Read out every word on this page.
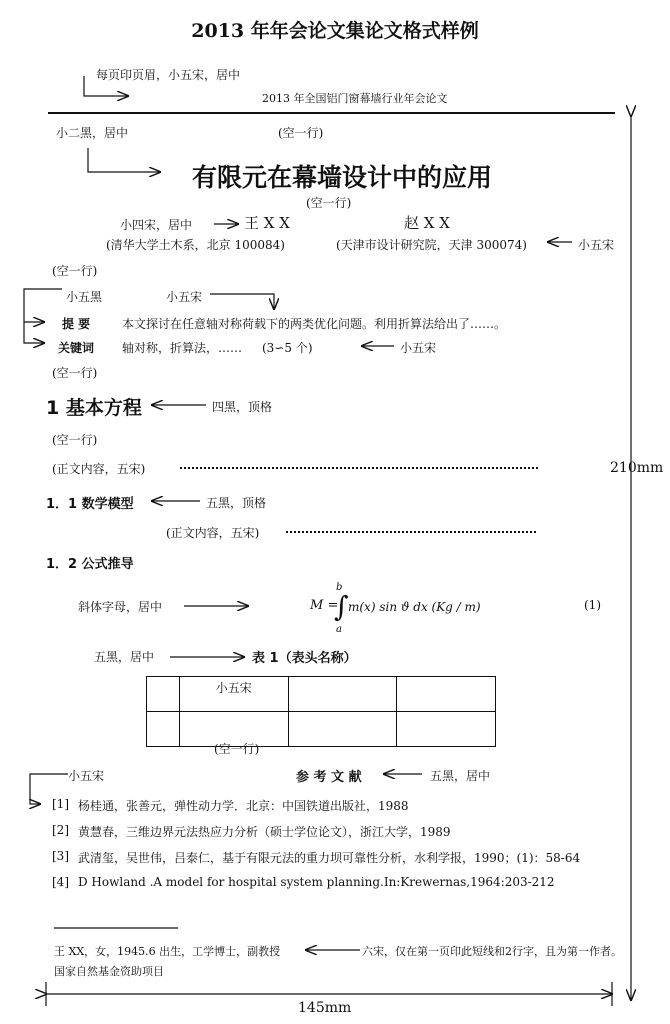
2013 年年会论文集论文格式样例
每页印页眉，小五宋，居中
2013 年全国铝门窗幕墙行业年会论文
小二黑，居中	(空一行)
有限元在幕墙设计中的应用
(空一行)
小四宋，居中	王 X X	赵 X X
(清华大学土木系，北京 100084)	(天津市设计研究院，天津 300074)	小五宋
(空一行)
小五黑	小五宋
提 要	本文探讨在任意轴对称荷载下的两类优化问题。利用折算法给出了……。
关键词 轴对称，折算法，…… (3∽5 个)	小五宋
(空一行)
1 基本方程	四黑，顶格
(空一行)
(正文内容，五宋)	210mm
1．1 数学模型	五黑，顶格
(正文内容，五宋)
1．2 公式推导
斜体字母，居中	M =
b
∫
a
m(x) sin ϑ dx (Kg / m)	(1)
五黑，居中	表 1（表头名称）
	小五宋		

(空一行)
小五宋	参 考 文 献	五黑，居中
[1] 杨桂通，张善元，弹性动力学．北京：中国铁道出版社，1988
[2] 黄慧春，三维边界元法热应力分析（硕士学位论文），浙江大学，1989
[3] 武清玺，吴世伟，吕泰仁，基于有限元法的重力坝可靠性分析，水利学报，1990；(1)：58-64
[4] D Howland .A model for hospital system planning.In:Krewernas,1964:203-212
王 XX，女，1945.6 出生，工学博士，副教授	六宋，仅在第一页印此短线和2行字，且为第一作者。
国家自然基金资助项目
145mm
